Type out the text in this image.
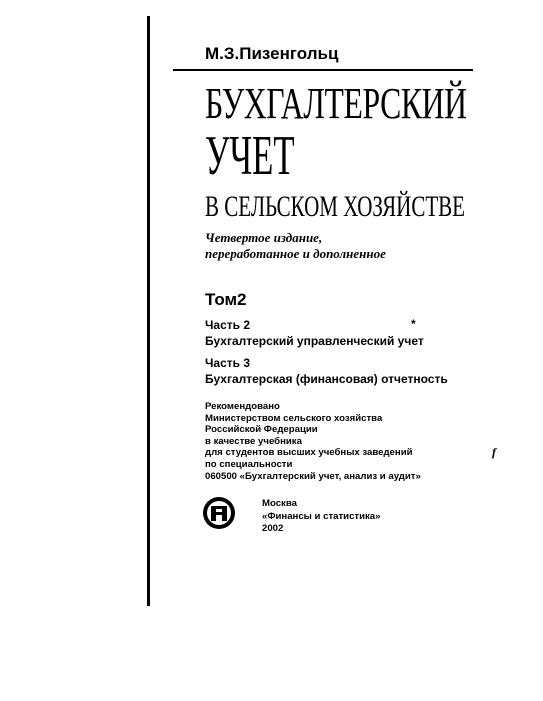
М.З.Пизенгольц
БУХГАЛТЕРСКИЙ
УЧЕТ
В СЕЛЬСКОМ ХОЗЯЙСТВЕ
Четвертое издание,
переработанное и дополненное
Том2
Часть 2
Бухгалтерский управленческий учет
*
Часть 3
Бухгалтерская (финансовая) отчетность
Рекомендовано
Министерством сельского хозяйства
Российской Федерации
в качестве учебника
для студентов высших учебных заведений
по специальности
060500 «Бухгалтерский учет, анализ и аудит»
f
Москва
«Финансы и статистика»
2002
